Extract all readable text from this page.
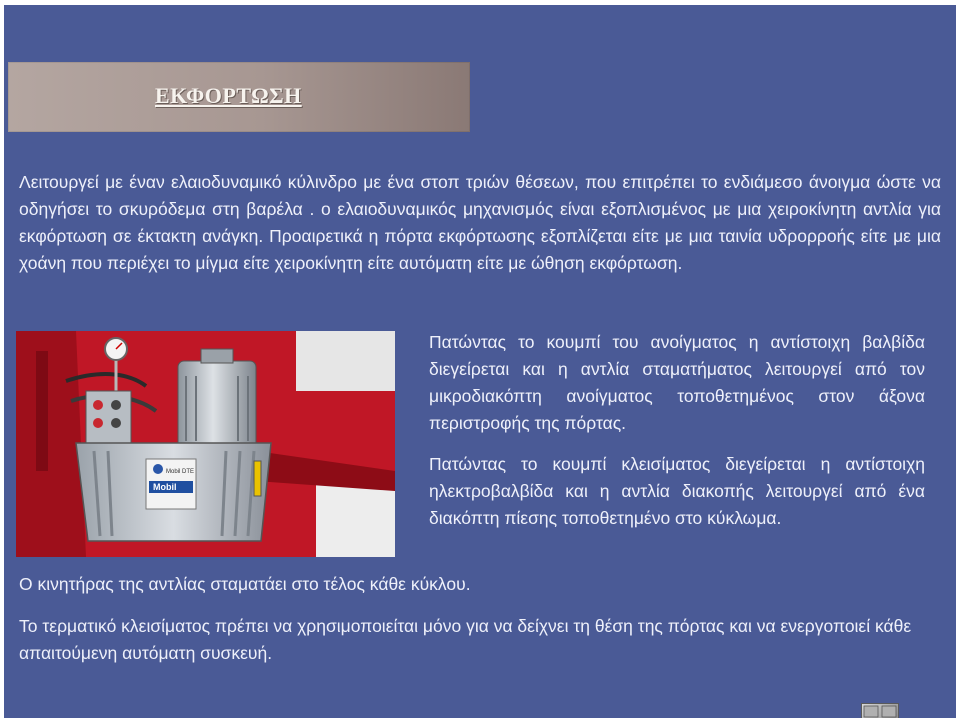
ΕΚΦΟΡΤΩΣΗ

Λειτουργεί με έναν ελαιοδυναμικό κύλινδρο με ένα στοπ τριών θέσεων, που επιτρέπει το ενδιάμεσο άνοιγμα ώστε να οδηγήσει το σκυρόδεμα στη βαρέλα . ο ελαιοδυναμικός μηχανισμός είναι εξοπλισμένος με μια χειροκίνητη αντλία για εκφόρτωση σε έκτακτη ανάγκη. Προαιρετικά η πόρτα εκφόρτωσης εξοπλίζεται είτε με μια ταινία υδρορροής είτε με μια χοάνη που περιέχει το μίγμα είτε χειροκίνητη είτε αυτόματη είτε με ώθηση εκφόρτωση.

Mobil DTE
Mobil

Πατώντας το κουμπί του ανοίγματος η αντίστοιχη βαλβίδα διεγείρεται και η αντλία σταματήματος λειτουργεί από τον μικροδιακόπτη ανοίγματος τοποθετημένος στον άξονα περιστροφής της πόρτας.

Πατώντας το κουμπί κλεισίματος διεγείρεται η αντίστοιχη ηλεκτροβαλβίδα και η αντλία διακοπής λειτουργεί από ένα διακόπτη πίεσης τοποθετημένο στο κύκλωμα.

Ο κινητήρας της αντλίας σταματάει στο τέλος κάθε κύκλου.

Το τερματικό κλεισίματος πρέπει να χρησιμοποιείται μόνο για να δείχνει τη θέση της πόρτας και να ενεργοποιεί κάθε απαιτούμενη αυτόματη συσκευή.
